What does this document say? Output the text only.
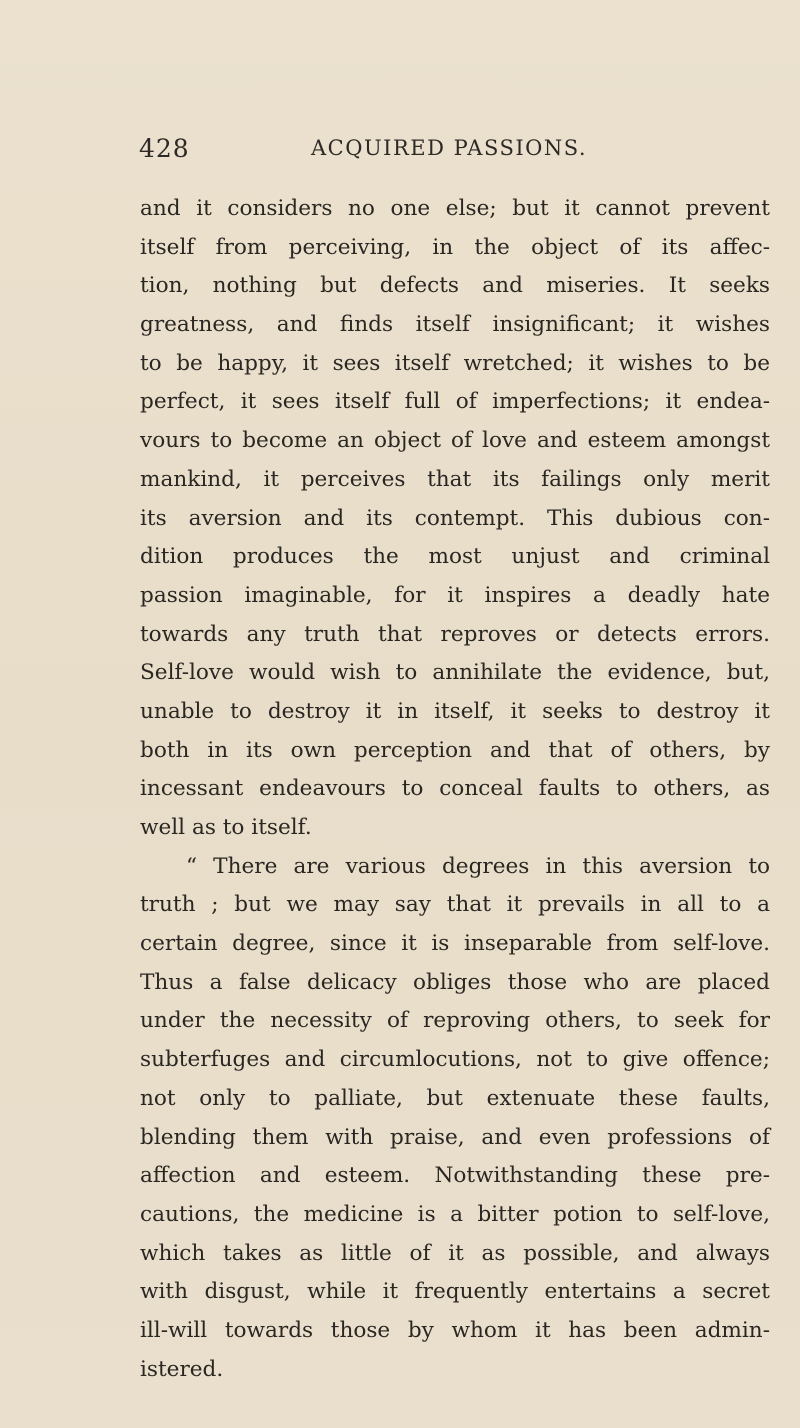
428	ACQUIRED PASSIONS.
and it considers no one else; but it cannot prevent
itself from perceiving, in the object of its affec-
tion, nothing but defects and miseries. It seeks
greatness, and finds itself insignificant; it wishes
to be happy, it sees itself wretched; it wishes to be
perfect, it sees itself full of imperfections; it endea-
vours to become an object of love and esteem amongst
mankind, it perceives that its failings only merit
its aversion and its contempt. This dubious con-
dition produces the most unjust and criminal
passion imaginable, for it inspires a deadly hate
towards any truth that reproves or detects errors.
Self-love would wish to annihilate the evidence, but,
unable to destroy it in itself, it seeks to destroy it
both in its own perception and that of others, by
incessant endeavours to conceal faults to others, as
well as to itself.
“ There are various degrees in this aversion to
truth ; but we may say that it prevails in all to a
certain degree, since it is inseparable from self-love.
Thus a false delicacy obliges those who are placed
under the necessity of reproving others, to seek for
subterfuges and circumlocutions, not to give offence;
not only to palliate, but extenuate these faults,
blending them with praise, and even professions of
affection and esteem. Notwithstanding these pre-
cautions, the medicine is a bitter potion to self-love,
which takes as little of it as possible, and always
with disgust, while it frequently entertains a secret
ill-will towards those by whom it has been admin-
istered.
